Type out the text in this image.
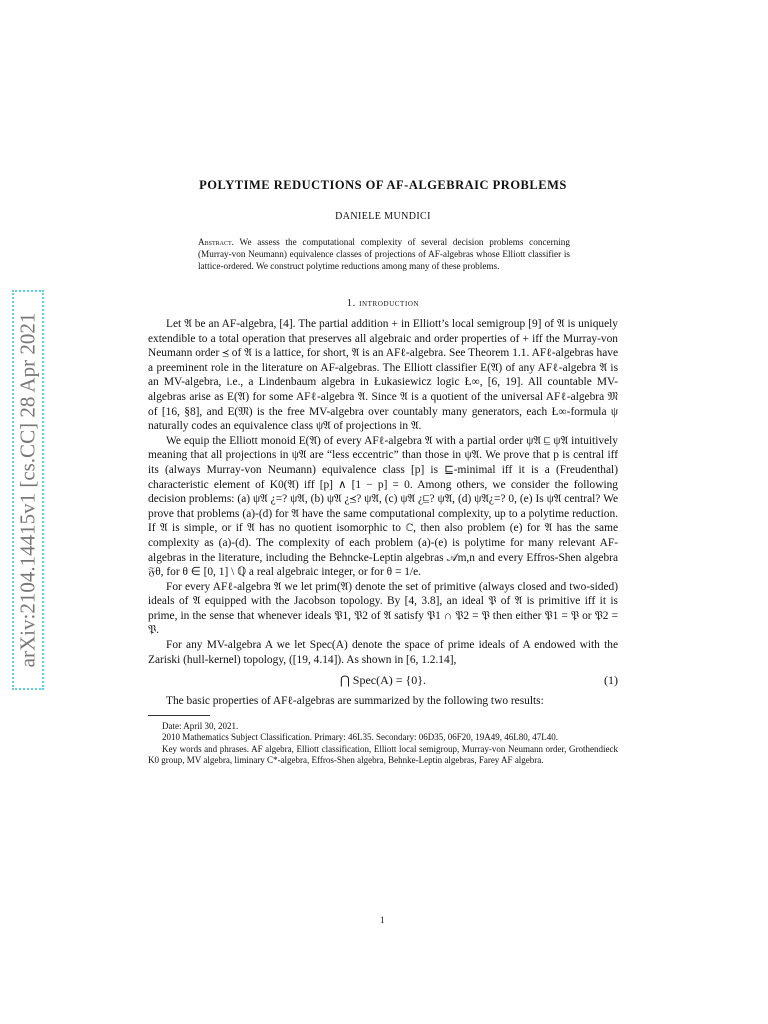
arXiv:2104.14415v1 [cs.CC] 28 Apr 2021
POLYTIME REDUCTIONS OF AF-ALGEBRAIC PROBLEMS
DANIELE MUNDICI
Abstract. We assess the computational complexity of several decision problems concerning (Murray-von Neumann) equivalence classes of projections of AF-algebras whose Elliott classifier is lattice-ordered. We construct polytime reductions among many of these problems.
1. introduction

Let 𝔄 be an AF-algebra, [4]. The partial addition + in Elliott’s local semigroup [9] of 𝔄 is uniquely extendible to a total operation that preserves all algebraic and order properties of + iff the Murray-von Neumann order ⪯ of 𝔄 is a lattice, for short, 𝔄 is an AFℓ-algebra. See Theorem 1.1. AFℓ-algebras have a preeminent role in the literature on AF-algebras. The Elliott classifier E(𝔄) of any AFℓ-algebra 𝔄 is an MV-algebra, i.e., a Lindenbaum algebra in Łukasiewicz logic Ł∞, [6, 19]. All countable MV-algebras arise as E(𝔄) for some AFℓ-algebra 𝔄. Since 𝔄 is a quotient of the universal AFℓ-algebra 𝔐 of [16, §8], and E(𝔐) is the free MV-algebra over countably many generators, each Ł∞-formula ψ naturally codes an equivalence class ψ𝔄 of projections in 𝔄.

We equip the Elliott monoid E(𝔄) of every AFℓ-algebra 𝔄 with a partial order ψ𝔄 ⊑ ψ𝔄 intuitively meaning that all projections in ψ𝔄 are “less eccentric” than those in ψ𝔄. We prove that p is central iff its (always Murray-von Neumann) equivalence class [p] is ⊑-minimal iff it is a (Freudenthal) characteristic element of K0(𝔄) iff [p] ∧ [1 − p] = 0. Among others, we consider the following decision problems: (a) ψ𝔄 ¿=? ψ𝔄, (b) ψ𝔄 ¿⪯? ψ𝔄, (c) ψ𝔄 ¿⊑? ψ𝔄, (d) ψ𝔄¿=? 0, (e) Is ψ𝔄 central? We prove that problems (a)-(d) for 𝔄 have the same computational complexity, up to a polytime reduction. If 𝔄 is simple, or if 𝔄 has no quotient isomorphic to ℂ, then also problem (e) for 𝔄 has the same complexity as (a)-(d). The complexity of each problem (a)-(e) is polytime for many relevant AF-algebras in the literature, including the Behncke-Leptin algebras 𝒜m,n and every Effros-Shen algebra 𝔉θ, for θ ∈ [0, 1] \ ℚ a real algebraic integer, or for θ = 1/e.

For every AFℓ-algebra 𝔄 we let prim(𝔄) denote the set of primitive (always closed and two-sided) ideals of 𝔄 equipped with the Jacobson topology. By [4, 3.8], an ideal 𝔓 of 𝔄 is primitive iff it is prime, in the sense that whenever ideals 𝔓1, 𝔓2 of 𝔄 satisfy 𝔓1 ∩ 𝔓2 = 𝔓 then either 𝔓1 = 𝔓 or 𝔓2 = 𝔓.

For any MV-algebra A we let Spec(A) denote the space of prime ideals of A endowed with the Zariski (hull-kernel) topology, ([19, 4.14]). As shown in [6, 1.2.14],

⋂ Spec(A) = {0}.	(1)

The basic properties of AFℓ-algebras are summarized by the following two results:

Date: April 30, 2021.

2010 Mathematics Subject Classification. Primary: 46L35. Secondary: 06D35, 06F20, 19A49, 46L80, 47L40.

Key words and phrases. AF algebra, Elliott classification, Elliott local semigroup, Murray-von Neumann order, Grothendieck K0 group, MV algebra, liminary C*-algebra, Effros-Shen algebra, Behnke-Leptin algebras, Farey AF algebra.

1
